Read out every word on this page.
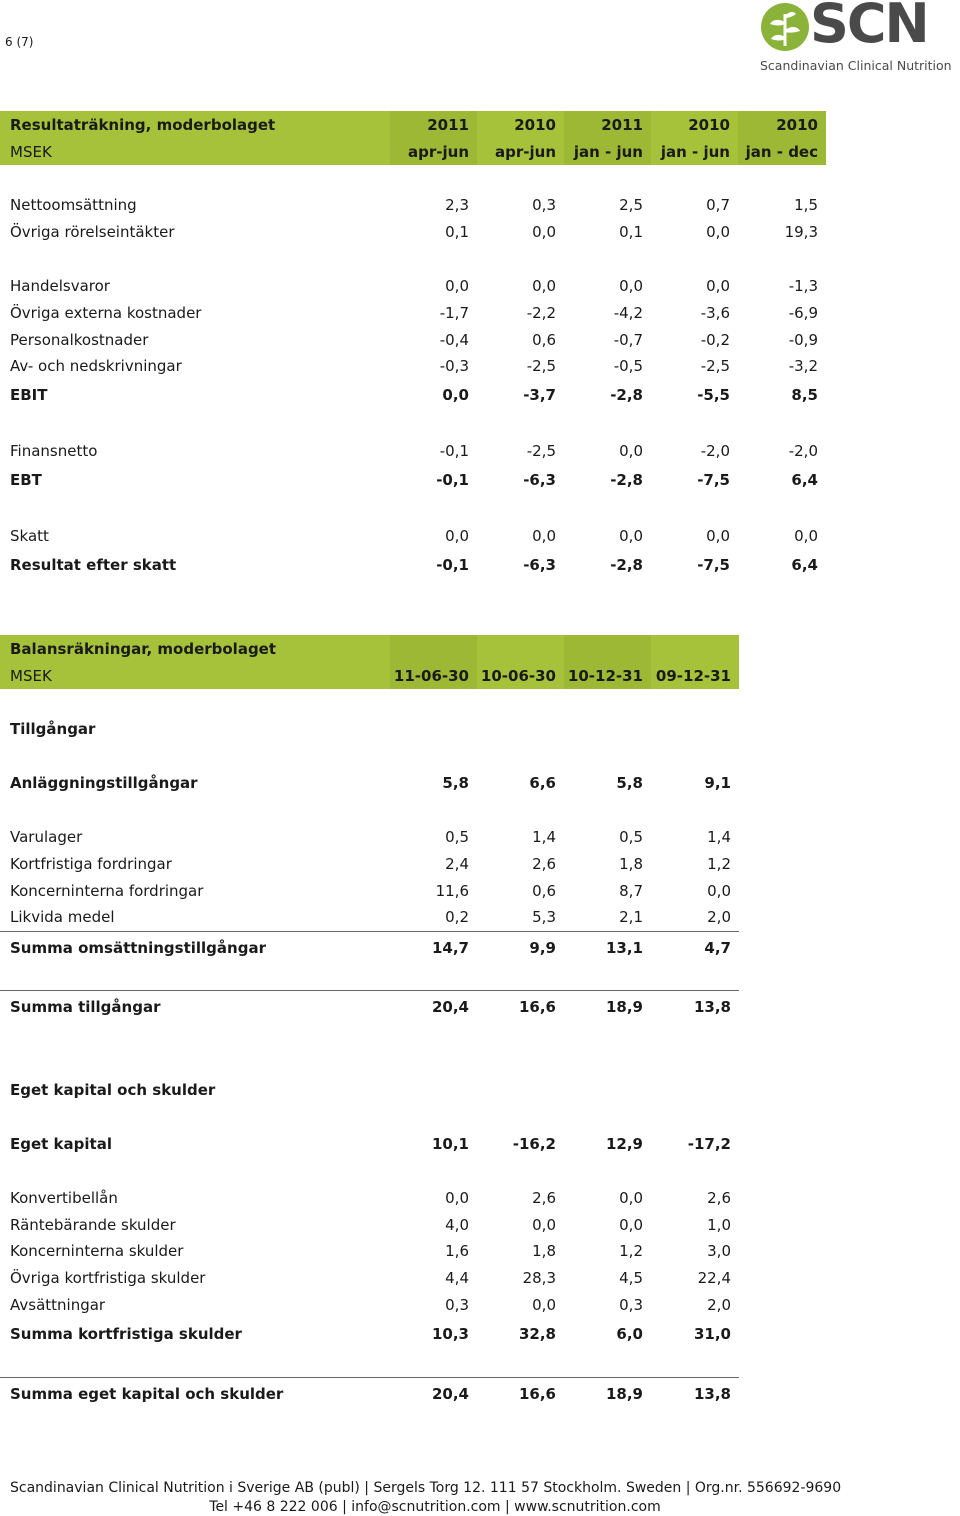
6 (7)	SCN
Scandinavian Clinical Nutrition
Resultaträkning, moderbolaget	2011	2010	2011	2010	2010
MSEK	apr-jun	apr-jun	jan - jun	jan - jun	jan - dec

Nettoomsättning	2,3	0,3	2,5	0,7	1,5
Övriga rörelseintäkter	0,1	0,0	0,1	0,0	19,3

Handelsvaror	0,0	0,0	0,0	0,0	-1,3
Övriga externa kostnader	-1,7	-2,2	-4,2	-3,6	-6,9
Personalkostnader	-0,4	0,6	-0,7	-0,2	-0,9
Av- och nedskrivningar	-0,3	-2,5	-0,5	-2,5	-3,2
EBIT	0,0	-3,7	-2,8	-5,5	8,5

Finansnetto	-0,1	-2,5	0,0	-2,0	-2,0
EBT	-0,1	-6,3	-2,8	-7,5	6,4

Skatt	0,0	0,0	0,0	0,0	0,0
Resultat efter skatt	-0,1	-6,3	-2,8	-7,5	6,4
Balansräkningar, moderbolaget				
MSEK	11-06-30	10-06-30	10-12-31	09-12-31

Tillgångar				

Anläggningstillgångar	5,8	6,6	5,8	9,1

Varulager	0,5	1,4	0,5	1,4
Kortfristiga fordringar	2,4	2,6	1,8	1,2
Koncerninterna fordringar	11,6	0,6	8,7	0,0
Likvida medel	0,2	5,3	2,1	2,0
Summa omsättningstillgångar	14,7	9,9	13,1	4,7

Summa tillgångar	20,4	16,6	18,9	13,8

Eget kapital och skulder				

Eget kapital	10,1	-16,2	12,9	-17,2

Konvertibellån	0,0	2,6	0,0	2,6
Räntebärande skulder	4,0	0,0	0,0	1,0
Koncerninterna skulder	1,6	1,8	1,2	3,0
Övriga kortfristiga skulder	4,4	28,3	4,5	22,4
Avsättningar	0,3	0,0	0,3	2,0
Summa kortfristiga skulder	10,3	32,8	6,0	31,0

Summa eget kapital och skulder	20,4	16,6	18,9	13,8
Scandinavian Clinical Nutrition i Sverige AB (publ) | Sergels Torg 12. 111 57 Stockholm. Sweden | Org.nr. 556692-9690
Tel +46 8 222 006 | info@scnutrition.com | www.scnutrition.com
